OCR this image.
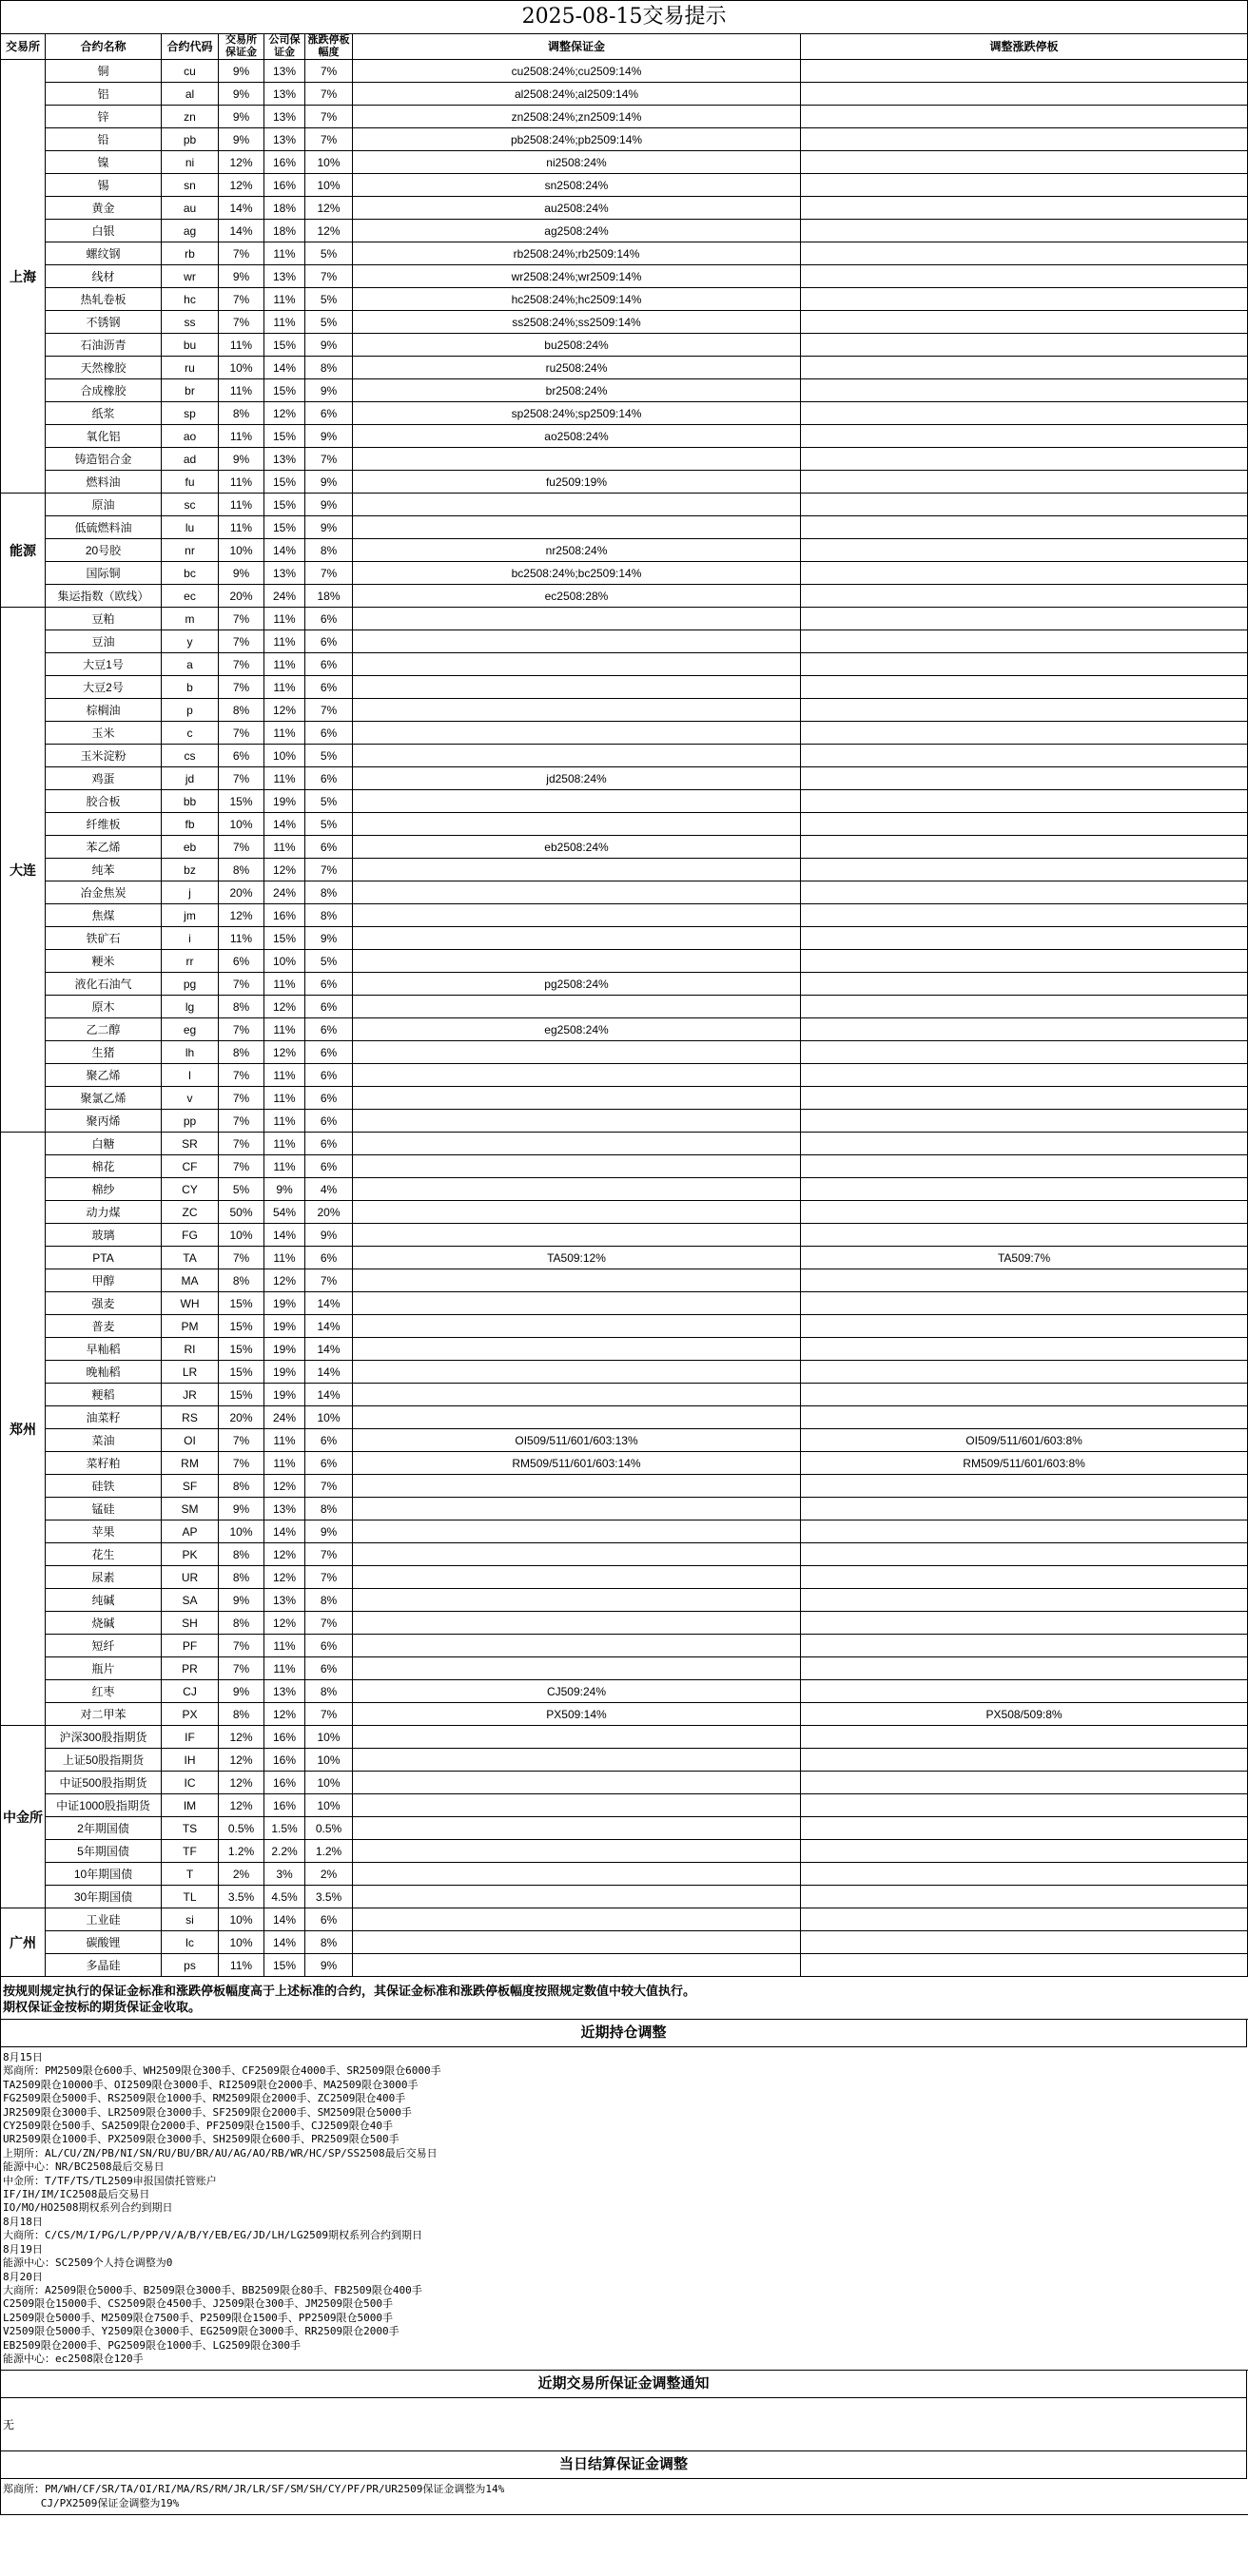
2025-08-15交易提示							
交易所	合约名称	合约代码	交易所保证金	公司保证金	涨跌停板幅度	调整保证金	调整涨跌停板
上海	铜	cu	9%	13%	7%	cu2508:24%;cu2509:14%	
	铝	al	9%	13%	7%	al2508:24%;al2509:14%	
	锌	zn	9%	13%	7%	zn2508:24%;zn2509:14%	
	铅	pb	9%	13%	7%	pb2508:24%;pb2509:14%	
	镍	ni	12%	16%	10%	ni2508:24%	
	锡	sn	12%	16%	10%	sn2508:24%	
	黄金	au	14%	18%	12%	au2508:24%	
	白银	ag	14%	18%	12%	ag2508:24%	
	螺纹钢	rb	7%	11%	5%	rb2508:24%;rb2509:14%	
	线材	wr	9%	13%	7%	wr2508:24%;wr2509:14%	
	热轧卷板	hc	7%	11%	5%	hc2508:24%;hc2509:14%	
	不锈钢	ss	7%	11%	5%	ss2508:24%;ss2509:14%	
	石油沥青	bu	11%	15%	9%	bu2508:24%	
	天然橡胶	ru	10%	14%	8%	ru2508:24%	
	合成橡胶	br	11%	15%	9%	br2508:24%	
	纸浆	sp	8%	12%	6%	sp2508:24%;sp2509:14%	
	氧化铝	ao	11%	15%	9%	ao2508:24%	
	铸造铝合金	ad	9%	13%	7%		
	燃料油	fu	11%	15%	9%	fu2509:19%	
能源	原油	sc	11%	15%	9%		
	低硫燃料油	lu	11%	15%	9%		
	20号胶	nr	10%	14%	8%	nr2508:24%	
	国际铜	bc	9%	13%	7%	bc2508:24%;bc2509:14%	
	集运指数（欧线）	ec	20%	24%	18%	ec2508:28%	
大连	豆粕	m	7%	11%	6%		
	豆油	y	7%	11%	6%		
	大豆1号	a	7%	11%	6%		
	大豆2号	b	7%	11%	6%		
	棕榈油	p	8%	12%	7%		
	玉米	c	7%	11%	6%		
	玉米淀粉	cs	6%	10%	5%		
	鸡蛋	jd	7%	11%	6%	jd2508:24%	
	胶合板	bb	15%	19%	5%		
	纤维板	fb	10%	14%	5%		
	苯乙烯	eb	7%	11%	6%	eb2508:24%	
	纯苯	bz	8%	12%	7%		
	冶金焦炭	j	20%	24%	8%		
	焦煤	jm	12%	16%	8%		
	铁矿石	i	11%	15%	9%		
	粳米	rr	6%	10%	5%		
	液化石油气	pg	7%	11%	6%	pg2508:24%	
	原木	lg	8%	12%	6%		
	乙二醇	eg	7%	11%	6%	eg2508:24%	
	生猪	lh	8%	12%	6%		
	聚乙烯	l	7%	11%	6%		
	聚氯乙烯	v	7%	11%	6%		
	聚丙烯	pp	7%	11%	6%		
郑州	白糖	SR	7%	11%	6%		
	棉花	CF	7%	11%	6%		
	棉纱	CY	5%	9%	4%		
	动力煤	ZC	50%	54%	20%		
	玻璃	FG	10%	14%	9%		
	PTA	TA	7%	11%	6%	TA509:12%	TA509:7%
	甲醇	MA	8%	12%	7%		
	强麦	WH	15%	19%	14%		
	普麦	PM	15%	19%	14%		
	早籼稻	RI	15%	19%	14%		
	晚籼稻	LR	15%	19%	14%		
	粳稻	JR	15%	19%	14%		
	油菜籽	RS	20%	24%	10%		
	菜油	OI	7%	11%	6%	OI509/511/601/603:13%	OI509/511/601/603:8%
	菜籽粕	RM	7%	11%	6%	RM509/511/601/603:14%	RM509/511/601/603:8%
	硅铁	SF	8%	12%	7%		
	锰硅	SM	9%	13%	8%		
	苹果	AP	10%	14%	9%		
	花生	PK	8%	12%	7%		
	尿素	UR	8%	12%	7%		
	纯碱	SA	9%	13%	8%		
	烧碱	SH	8%	12%	7%		
	短纤	PF	7%	11%	6%		
	瓶片	PR	7%	11%	6%		
	红枣	CJ	9%	13%	8%	CJ509:24%	
	对二甲苯	PX	8%	12%	7%	PX509:14%	PX508/509:8%
中金所	沪深300股指期货	IF	12%	16%	10%		
	上证50股指期货	IH	12%	16%	10%		
	中证500股指期货	IC	12%	16%	10%		
	中证1000股指期货	IM	12%	16%	10%		
	2年期国债	TS	0.5%	1.5%	0.5%		
	5年期国债	TF	1.2%	2.2%	1.2%		
	10年期国债	T	2%	3%	2%		
	30年期国债	TL	3.5%	4.5%	3.5%		
广州	工业硅	si	10%	14%	6%		
	碳酸锂	lc	10%	14%	8%		
	多晶硅	ps	11%	15%	9%		
按规则规定执行的保证金标准和涨跌停板幅度高于上述标准的合约，其保证金标准和涨跌停板幅度按照规定数值中较大值执行。
期权保证金按标的期货保证金收取。
近期持仓调整
8月15日
郑商所：PM2509限仓600手、WH2509限仓300手、CF2509限仓4000手、SR2509限仓6000手
TA2509限仓10000手、OI2509限仓3000手、RI2509限仓2000手、MA2509限仓3000手
FG2509限仓5000手、RS2509限仓1000手、RM2509限仓2000手、ZC2509限仓400手
JR2509限仓3000手、LR2509限仓3000手、SF2509限仓2000手、SM2509限仓5000手
CY2509限仓500手、SA2509限仓2000手、PF2509限仓1500手、CJ2509限仓40手
UR2509限仓1000手、PX2509限仓3000手、SH2509限仓600手、PR2509限仓500手
上期所：AL/CU/ZN/PB/NI/SN/RU/BU/BR/AU/AG/AO/RB/WR/HC/SP/SS2508最后交易日
能源中心：NR/BC2508最后交易日
中金所：T/TF/TS/TL2509申报国债托管账户
IF/IH/IM/IC2508最后交易日
IO/MO/HO2508期权系列合约到期日
8月18日
大商所：C/CS/M/I/PG/L/P/PP/V/A/B/Y/EB/EG/JD/LH/LG2509期权系列合约到期日
8月19日
能源中心：SC2509个人持仓调整为0
8月20日
大商所：A2509限仓5000手、B2509限仓3000手、BB2509限仓80手、FB2509限仓400手
C2509限仓15000手、CS2509限仓4500手、J2509限仓300手、JM2509限仓500手
L2509限仓5000手、M2509限仓7500手、P2509限仓1500手、PP2509限仓5000手
V2509限仓5000手、Y2509限仓3000手、EG2509限仓3000手、RR2509限仓2000手
EB2509限仓2000手、PG2509限仓1000手、LG2509限仓300手
能源中心：ec2508限仓120手
近期交易所保证金调整通知
无
当日结算保证金调整
郑商所：PM/WH/CF/SR/TA/OI/RI/MA/RS/RM/JR/LR/SF/SM/SH/CY/PF/PR/UR2509保证金调整为14%
CJ/PX2509保证金调整为19%
